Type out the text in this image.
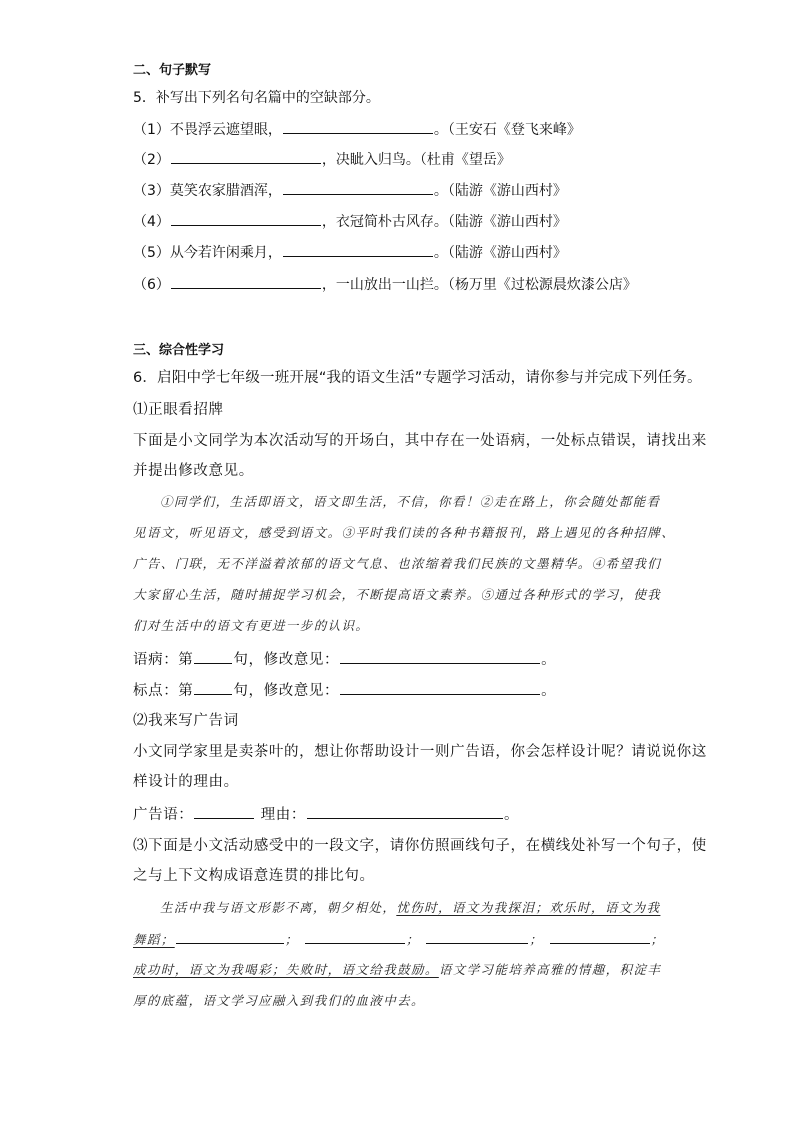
二、句子默写
5．补写出下列名句名篇中的空缺部分。
（1）不畏浮云遮望眼，	。（王安石《登飞来峰》
（2）	，决眦入归鸟。（杜甫《望岳》
（3）莫笑农家腊酒浑，	。（陆游《游山西村》
（4）	，衣冠简朴古风存。（陆游《游山西村》
（5）从今若许闲乘月，	。（陆游《游山西村》
（6）	，一山放出一山拦。（杨万里《过松源晨炊漆公店》
三、综合性学习
6．启阳中学七年级一班开展“我的语文生活”专题学习活动，请你参与并完成下列任务。
⑴正眼看招牌
下面是小文同学为本次活动写的开场白，其中存在一处语病，一处标点错误，请找出来
并提出修改意见。
①同学们，生活即语文，语文即生活，不信，你看！②走在路上，你会随处都能看
见语文，听见语文，感受到语文。③平时我们读的各种书籍报刊，路上遇见的各种招牌、
广告、门联，无不洋溢着浓郁的语文气息、也浓缩着我们民族的文墨精华。④希望我们
大家留心生活，随时捕捉学习机会，不断提高语文素养。⑤通过各种形式的学习，使我
们对生活中的语文有更进一步的认识。
语病：第	句，修改意见：	。
标点：第	句，修改意见：	。
⑵我来写广告词
小文同学家里是卖茶叶的，想让你帮助设计一则广告语，你会怎样设计呢？请说说你这
样设计的理由。
广告语：	理由：	。
⑶下面是小文活动感受中的一段文字，请你仿照画线句子，在横线处补写一个句子，使
之与上下文构成语意连贯的排比句。
生活中我与语文形影不离，朝夕相处，忧伤时，语文为我探泪；欢乐时，语文为我
舞蹈；	；	；	；	；
成功时，语文为我喝彩；失败时，语文给我鼓励。语文学习能培养高雅的情趣，积淀丰
厚的底蕴，语文学习应融入到我们的血液中去。
